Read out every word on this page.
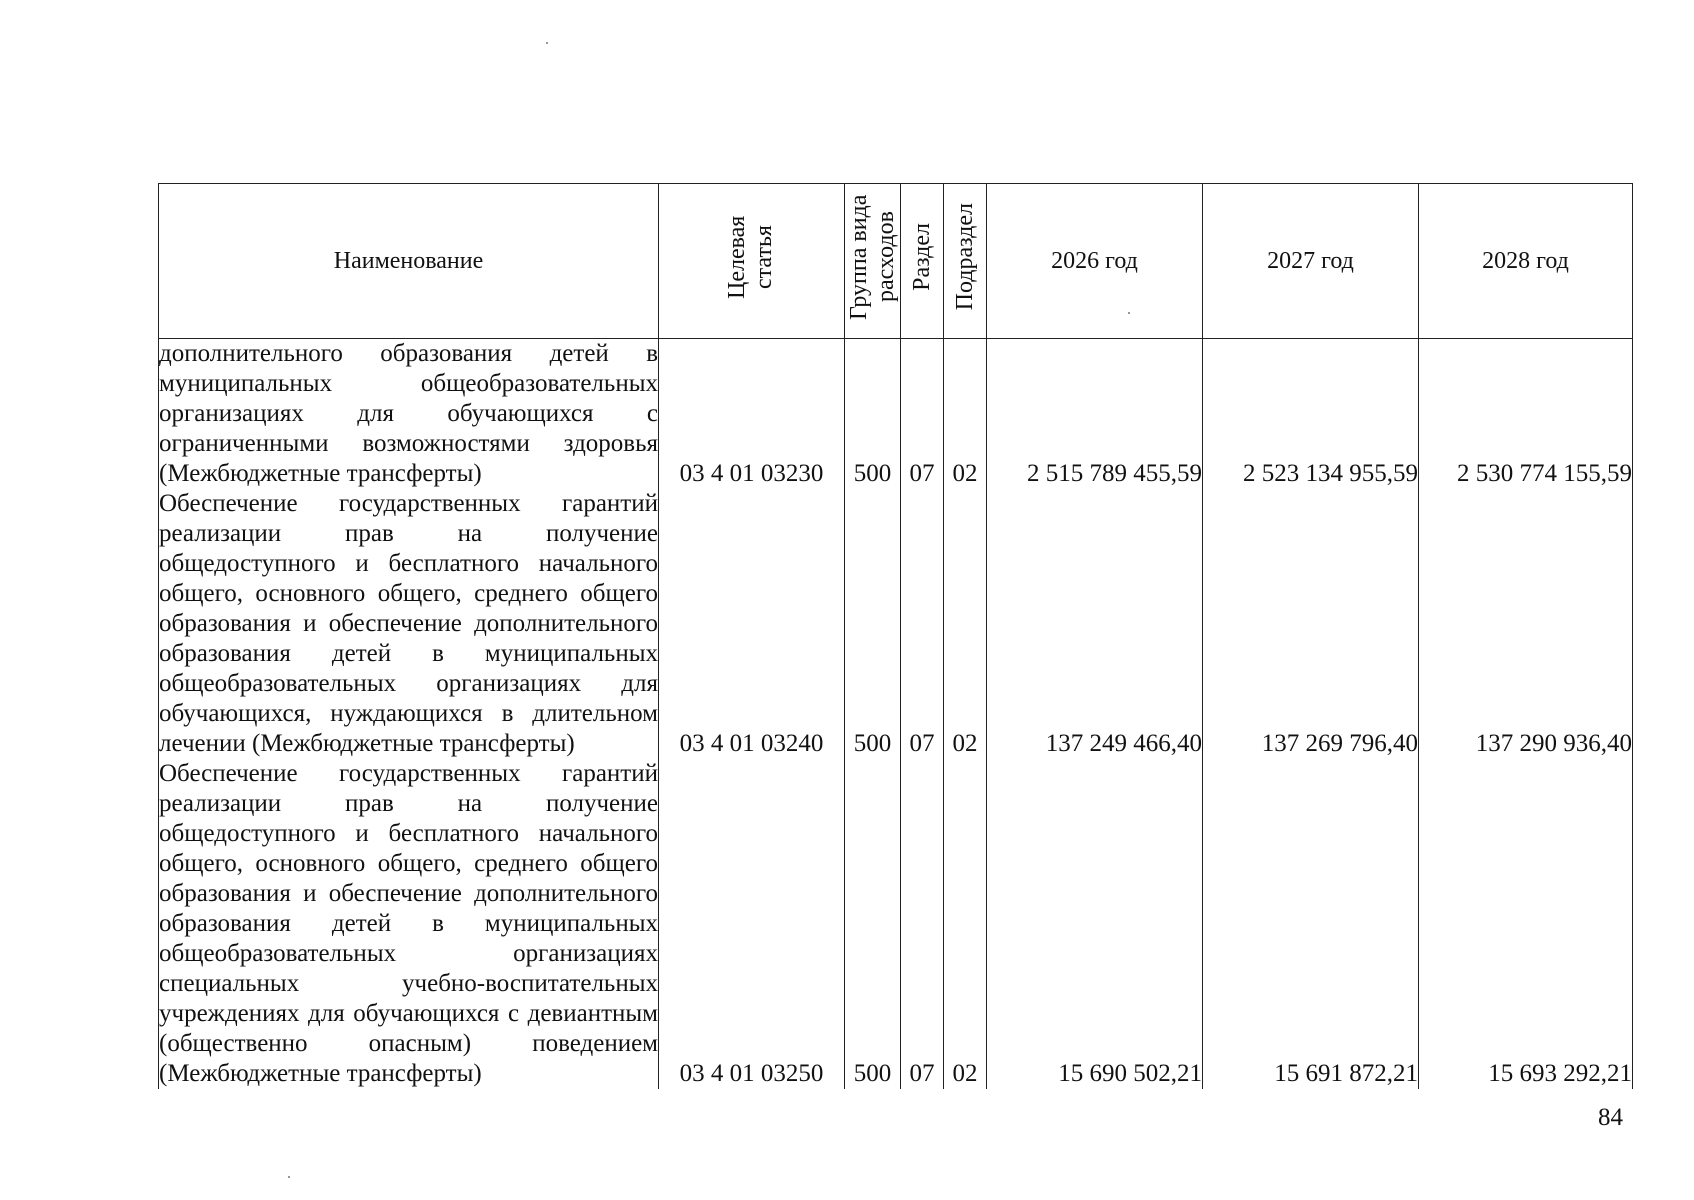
Наименование	Целевая статья	Группа вида расходов	Раздел	Подраздел	2026 год	2027 год	2028 год

дополнительного образования детей в муниципальных общеобразовательных организациях для обучающихся с ограниченными возможностями здоровья (Межбюджетные трансферты)	03 4 01 03230	500	07	02	2 515 789 455,59	2 523 134 955,59	2 530 774 155,59

Обеспечение государственных гарантий реализации прав на получение общедоступного и бесплатного начального общего, основного общего, среднего общего образования и обеспечение дополнительного образования детей в муниципальных общеобразовательных организациях для обучающихся, нуждающихся в длительном лечении (Межбюджетные трансферты)	03 4 01 03240	500	07	02	137 249 466,40	137 269 796,40	137 290 936,40

Обеспечение государственных гарантий реализации прав на получение общедоступного и бесплатного начального общего, основного общего, среднего общего образования и обеспечение дополнительного образования детей в муниципальных общеобразовательных организациях специальных учебно-воспитательных учреждениях для обучающихся с девиантным (общественно опасным) поведением (Межбюджетные трансферты)	03 4 01 03250	500	07	02	15 690 502,21	15 691 872,21	15 693 292,21
84
